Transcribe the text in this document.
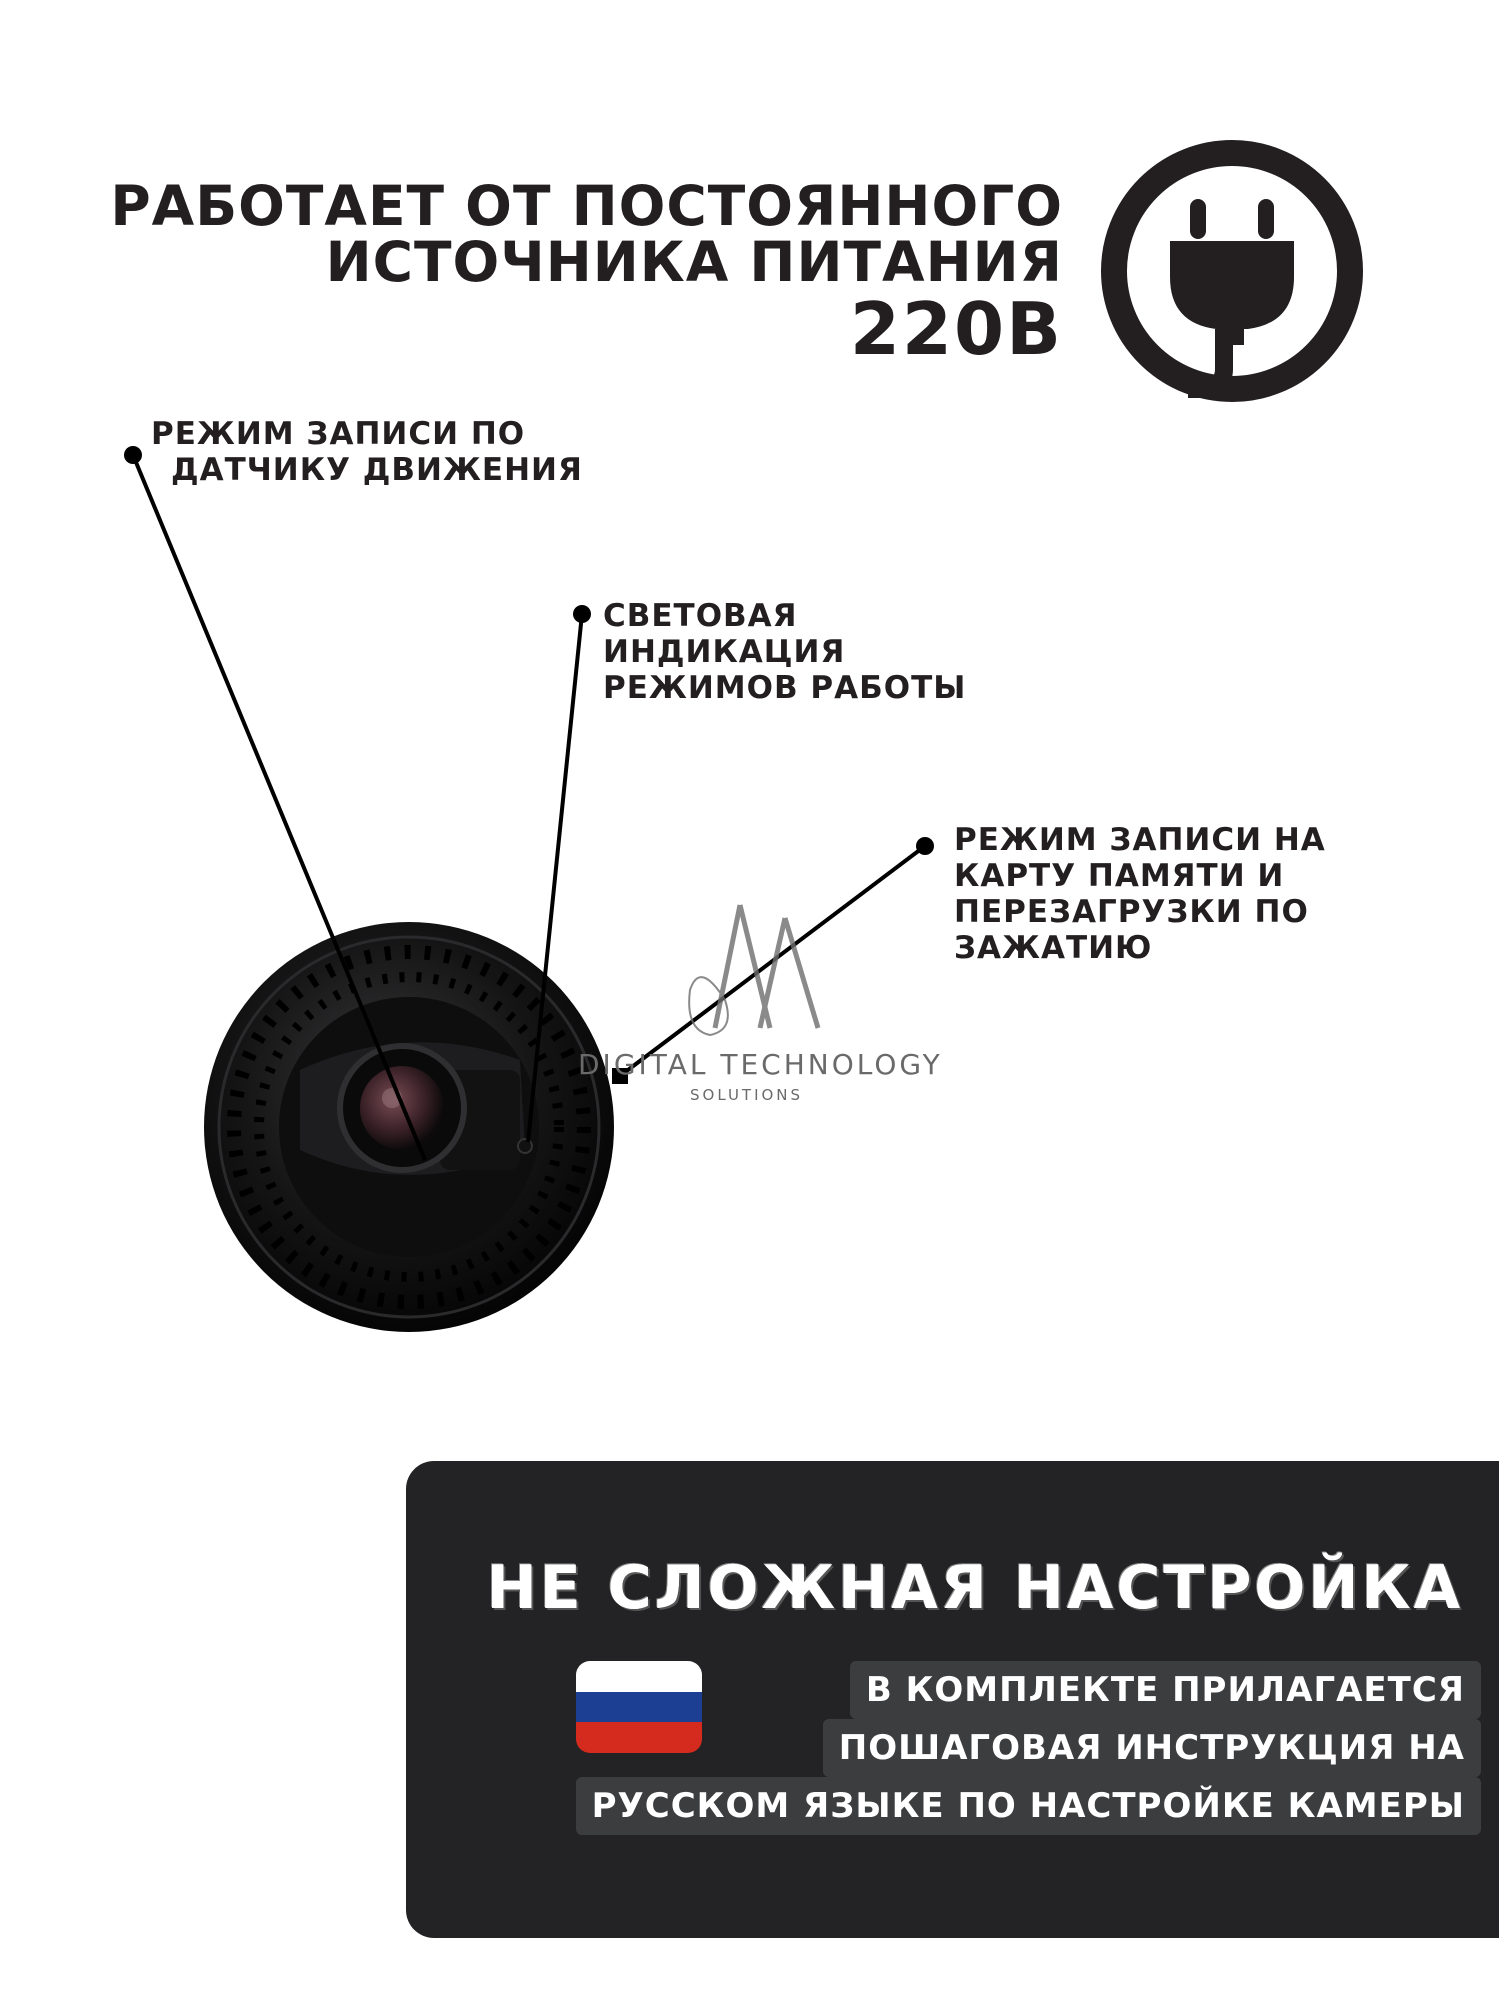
РАБОТАЕТ ОТ ПОСТОЯННОГО
ИСТОЧНИКА ПИТАНИЯ
220В
DIGITAL TECHNOLOGY
SOLUTIONS
РЕЖИМ ЗАПИСИ ПО
ДАТЧИКУ ДВИЖЕНИЯ
СВЕТОВАЯ
ИНДИКАЦИЯ
РЕЖИМОВ РАБОТЫ
РЕЖИМ ЗАПИСИ НА
КАРТУ ПАМЯТИ И
ПЕРЕЗАГРУЗКИ ПО
ЗАЖАТИЮ
НЕ СЛОЖНАЯ НАСТРОЙКА
В КОМПЛЕКТЕ ПРИЛАГАЕТСЯ
ПОШАГОВАЯ ИНСТРУКЦИЯ НА
РУССКОМ ЯЗЫКЕ ПО НАСТРОЙКЕ КАМЕРЫ
